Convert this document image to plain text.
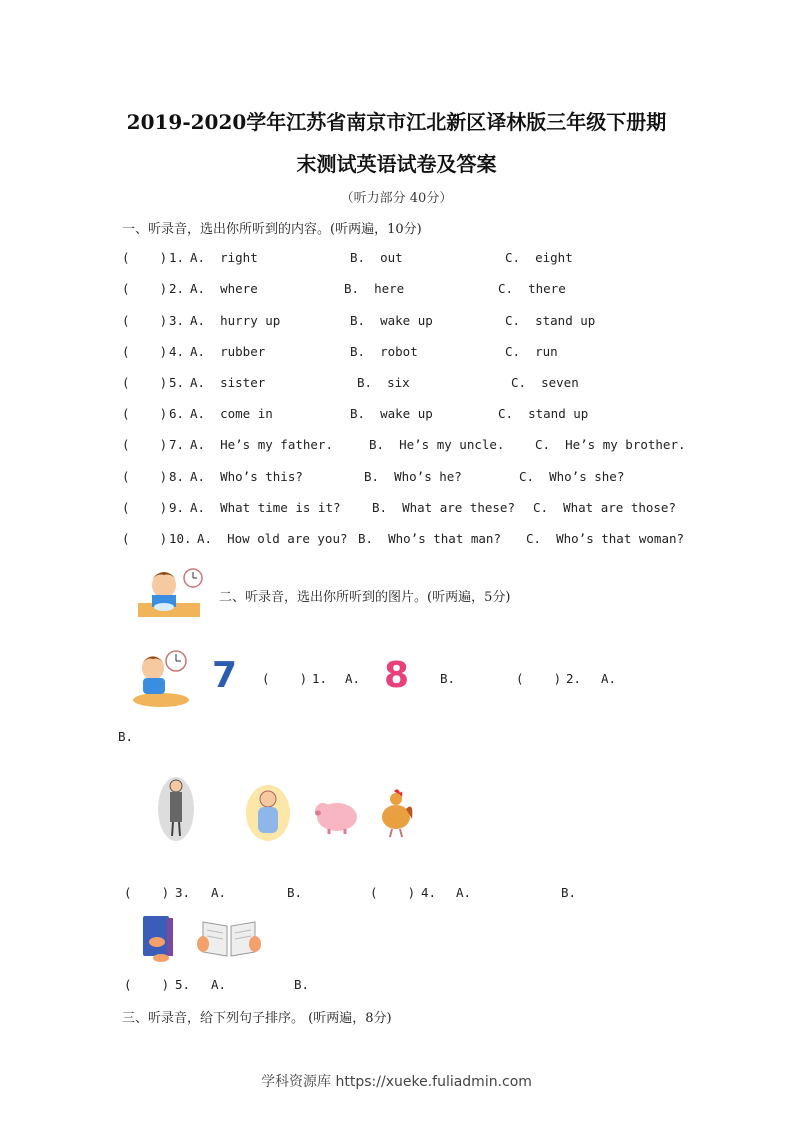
2019-2020学年江苏省南京市江北新区译林版三年级下册期
末测试英语试卷及答案
（听力部分 40分）
一、听录音，选出你所听到的内容。(听两遍，10分)
(    ) 1. A.  right	B.  out	C.  eight
(    ) 2. A.  where	B.  here	C.  there
(    ) 3. A.  hurry up	B.  wake up	C.  stand up
(    ) 4. A.  rubber	B.  robot	C.  run
(    ) 5. A.  sister	B.  six	C.  seven
(    ) 6. A.  come in	B.  wake up	C.  stand up
(    ) 7. A.  He’s my father.	B.  He’s my uncle. C.  He’s my brother.
(    ) 8. A.  Who’s this?	B.  Who’s he?	C.  Who’s she?
(    ) 9. A.  What time is it?	B.  What are these? C.  What are those?
(    ) 10. A.  How old are you? B.  Who’s that man? C.  Who’s that woman?
二、听录音，选出你所听到的图片。(听两遍，5分)
7 (    ) 1. A. 8 B.	(    ) 2. A.
B.
(    ) 3. A.	B.	(    ) 4. A.	B.
(    ) 5. A.	B.
三、听录音，给下列句子排序。 (听两遍，8分)
学科资源库 https://xueke.fuliadmin.com
